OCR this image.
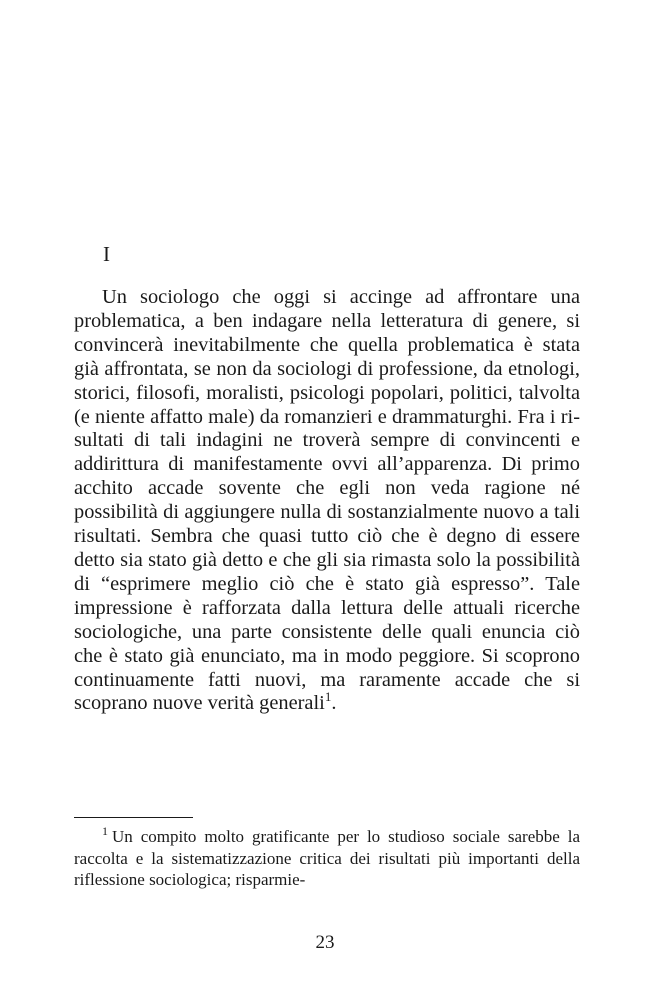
I

Un sociologo che oggi si accinge ad affrontare una problematica, a ben indagare nella letteratura di genere, si convincerà inevitabilmente che quella problematica è stata già affrontata, se non da sociologi di professione, da etnologi, storici, filosofi, moralisti, psicologi popolari, politici, talvolta (e niente affatto male) da romanzieri e drammaturghi. Fra i risultati di tali indagini ne troverà sempre di convincenti e addirittura di manifestamente ovvi all’apparenza. Di primo acchito accade sovente che egli non veda ragione né possibilità di aggiungere nulla di sostanzialmente nuovo a tali risultati. Sembra che quasi tutto ciò che è degno di essere detto sia stato già detto e che gli sia rimasta solo la possibilità di “esprimere meglio ciò che è stato già espresso”. Tale impressione è rafforzata dalla lettura delle attuali ricerche sociologiche, una parte consistente delle quali enuncia ciò che è stato già enunciato, ma in modo peggiore. Si scoprono continuamente fatti nuovi, ma raramente accade che si scoprano nuove verità generali$^1$.

$^1$ Un compito molto gratificante per lo studioso sociale sarebbe la raccolta e la sistematizzazione critica dei risultati più importanti della riflessione sociologica; risparmie-

23
